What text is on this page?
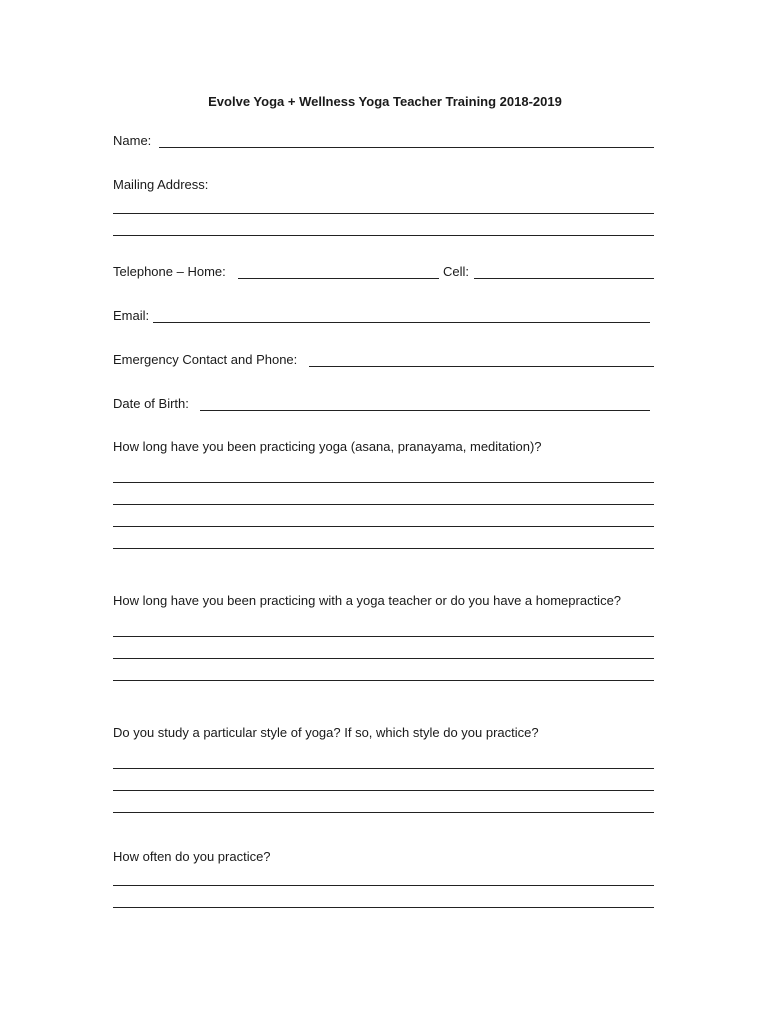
Evolve Yoga + Wellness Yoga Teacher Training 2018-2019
Name:
Mailing Address:
Telephone – Home:	Cell:
Email:
Emergency Contact and Phone:
Date of Birth:
How long have you been practicing yoga (asana, pranayama, meditation)?
How long have you been practicing with a yoga teacher or do you have a homepractice?
Do you study a particular style of yoga? If so, which style do you practice?
How often do you practice?
